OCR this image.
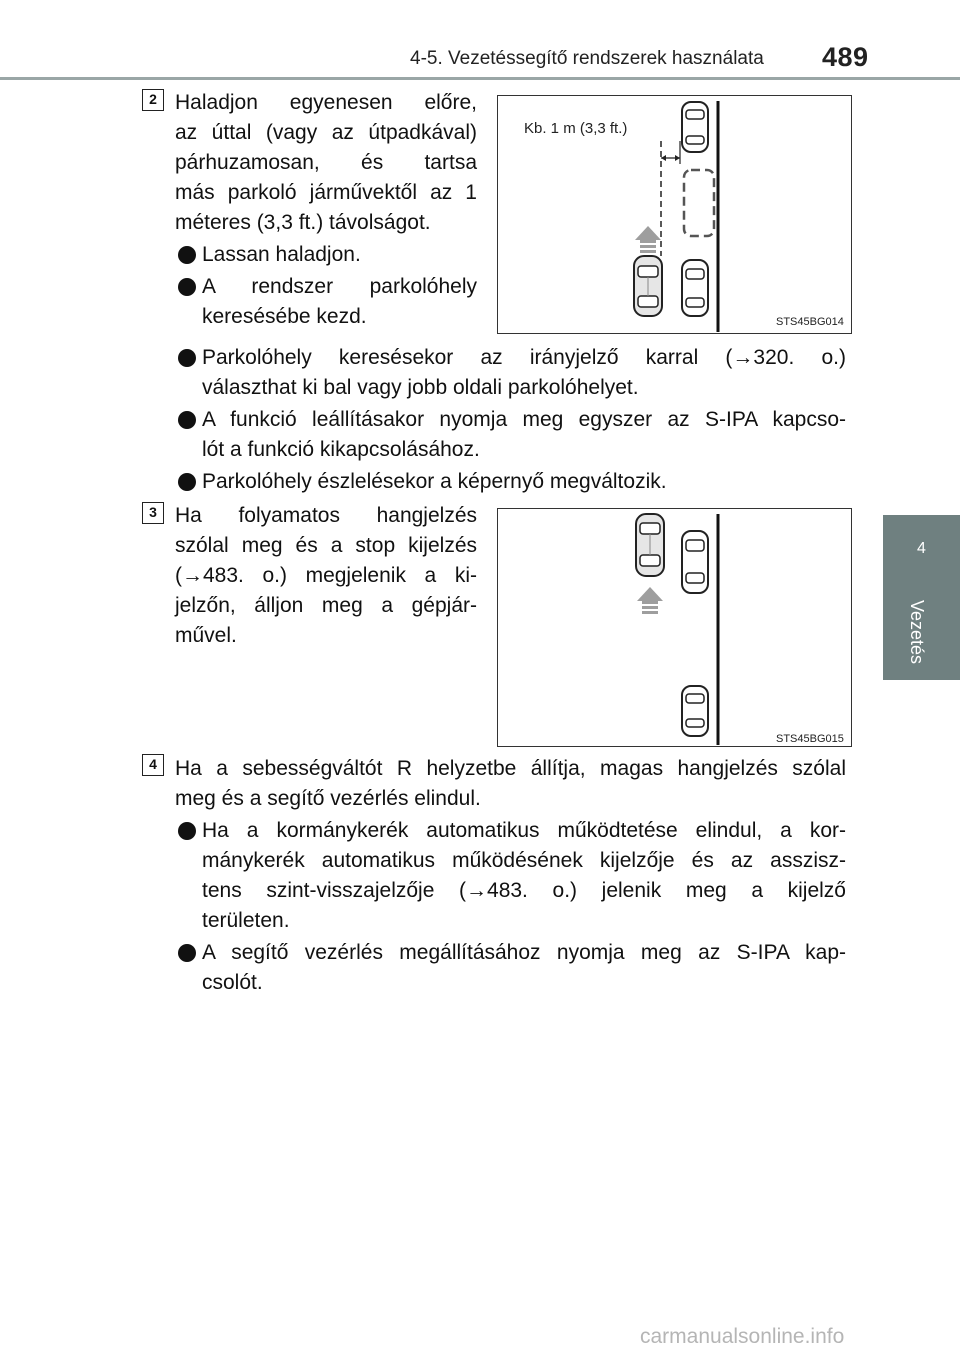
4-5. Vezetéssegítő rendszerek használata 489
4
Vezetés
2 Haladjon egyenesen előre,
az úttal (vagy az útpadkával)
párhuzamosan, és tartsa
más parkoló járművektől az 1
méteres (3,3 ft.) távolságot.
Lassan haladjon.
A rendszer parkolóhely
keresésébe kezd.
Parkolóhely keresésekor az irányjelző karral (→320. o.)
választhat ki bal vagy jobb oldali parkolóhelyet.
A funkció leállításakor nyomja meg egyszer az S-IPA kapcso-
lót a funkció kikapcsolásához.
Parkolóhely észlelésekor a képernyő megváltozik.
Kb. 1 m (3,3 ft.)
STS45BG014
3 Ha folyamatos hangjelzés
szólal meg és a stop kijelzés
(→483. o.) megjelenik a ki-
jelzőn, álljon meg a gépjár-
művel.
STS45BG015
4 Ha a sebességváltót R helyzetbe állítja, magas hangjelzés szólal
meg és a segítő vezérlés elindul.
Ha a kormánykerék automatikus működtetése elindul, a kor-
mánykerék automatikus működésének kijelzője és az asszisz-
tens szint-visszajelzője (→483. o.) jelenik meg a kijelző
területen.
A segítő vezérlés megállításához nyomja meg az S-IPA kap-
csolót.
carmanualsonline.info
